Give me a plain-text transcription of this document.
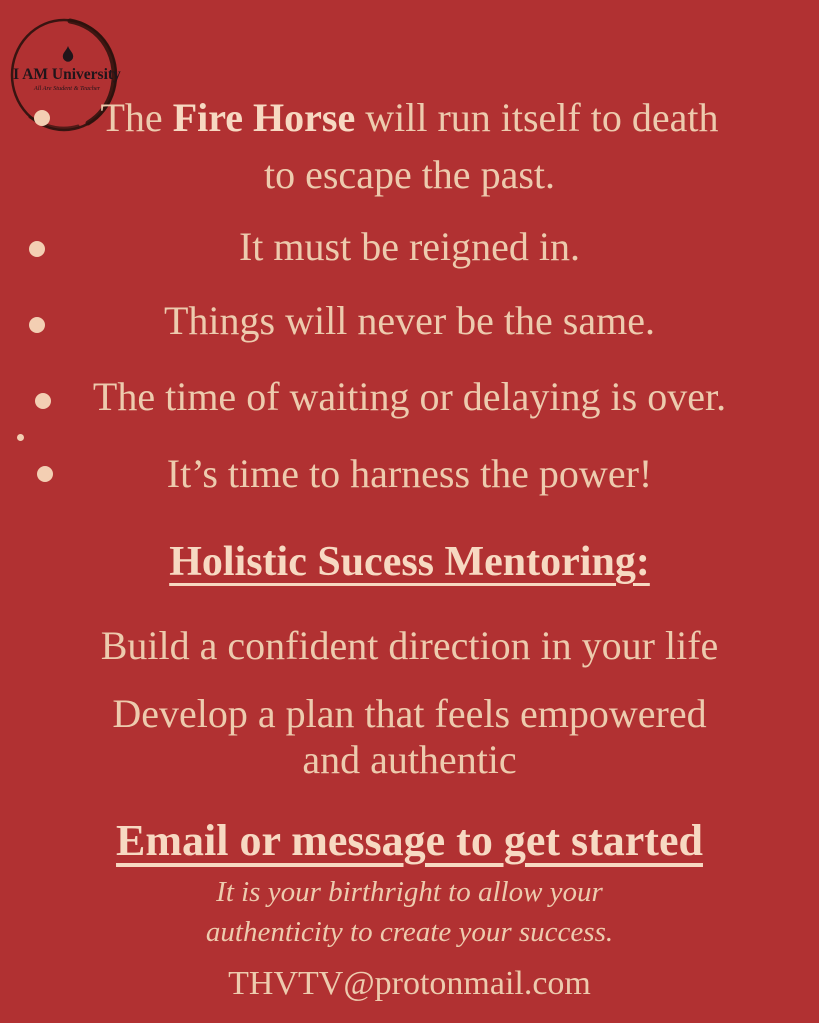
I AM University
All Are Student & Teacher
The Fire Horse will run itself to death
to escape the past.
It must be reigned in.
Things will never be the same.
The time of waiting or delaying is over.
It’s time to harness the power!
Holistic Sucess Mentoring:
Build a confident direction in your life
Develop a plan that feels empowered
and authentic
Email or message to get started
It is your birthright to allow your
authenticity to create your success.
THVTV@protonmail.com
